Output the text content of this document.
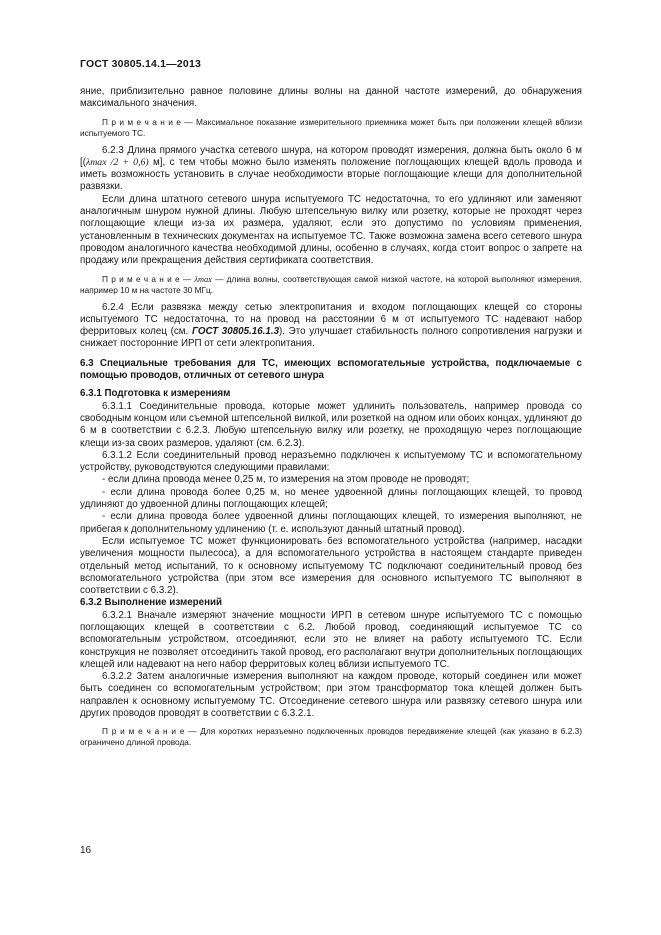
ГОСТ 30805.14.1—2013

яние, приблизительно равное половине длины волны на данной частоте измерений, до обнаружения максимального значения.

П р и м е ч а н и е — Максимальное показание измерительного приемника может быть при положении клещей вблизи испытуемого ТС.

6.2.3 Длина прямого участка сетевого шнура, на котором проводят измерения, должна быть около 6 м [(λmax /2 + 0,6) м], с тем чтобы можно было изменять положение поглощающих клещей вдоль провода и иметь возможность установить в случае необходимости вторые поглощающие клещи для дополнительной развязки.

Если длина штатного сетевого шнура испытуемого ТС недостаточна, то его удлиняют или заменяют аналогичным шнуром нужной длины. Любую штепсельную вилку или розетку, которые не проходят через поглощающие клещи из-за их размера, удаляют, если это допустимо по условиям применения, установленным в технических документах на испытуемое ТС. Также возможна замена всего сетевого шнура проводом аналогичного качества необходимой длины, особенно в случаях, когда стоит вопрос о запрете на продажу или прекращения действия сертификата соответствия.

П р и м е ч а н и е — λmax — длина волны, соответствующая самой низкой частоте, на которой выполняют измерения, например 10 м на частоте 30 МГц.

6.2.4 Если развязка между сетью электропитания и входом поглощающих клещей со стороны испытуемого ТС недостаточна, то на провод на расстоянии 6 м от испытуемого ТС надевают набор ферритовых колец (см. ГОСТ 30805.16.1.3). Это улучшает стабильность полного сопротивления нагрузки и снижает посторонние ИРП от сети электропитания.

6.3 Специальные требования для ТС, имеющих вспомогательные устройства, подключаемые с помощью проводов, отличных от сетевого шнура

6.3.1 Подготовка к измерениям

6.3.1.1 Соединительные провода, которые может удлинить пользователь, например провода со свободным концом или съемной штепсельной вилкой, или розеткой на одном или обоих концах, удлиняют до 6 м в соответствии с 6.2.3. Любую штепсельную вилку или розетку, не проходящую через поглощающие клещи из-за своих размеров, удаляют (см. 6.2.3).

6.3.1.2 Если соединительный провод неразъемно подключен к испытуемому ТС и вспомогательному устройству, руководствуются следующими правилами:

- если длина провода менее 0,25 м, то измерения на этом проводе не проводят;

- если длина провода более 0,25 м, но менее удвоенной длины поглощающих клещей, то провод удлиняют до удвоенной длины поглощающих клещей;

- если длина провода более удвоенной длины поглощающих клещей, то измерения выполняют, не прибегая к дополнительному удлинению (т. е. используют данный штатный провод).

Если испытуемое ТС может функционировать без вспомогательного устройства (например, насадки увеличения мощности пылесоса), а для вспомогательного устройства в настоящем стандарте приведен отдельный метод испытаний, то к основному испытуемому ТС подключают соединительный провод без вспомогательного устройства (при этом все измерения для основного испытуемого ТС выполняют в соответствии с 6.3.2).

6.3.2 Выполнение измерений

6.3.2.1 Вначале измеряют значение мощности ИРП в сетевом шнуре испытуемого ТС с помощью поглощающих клещей в соответствии с 6.2. Любой провод, соединяющий испытуемое ТС со вспомогательным устройством, отсоединяют, если это не влияет на работу испытуемого ТС. Если конструкция не позволяет отсоединить такой провод, его располагают внутри дополнительных поглощающих клещей или надевают на него набор ферритовых колец вблизи испытуемого ТС.

6.3.2.2 Затем аналогичные измерения выполняют на каждом проводе, который соединен или может быть соединен со вспомогательным устройством; при этом трансформатор тока клещей должен быть направлен к основному испытуемому ТС. Отсоединение сетевого шнура или развязку сетевого шнура или других проводов проводят в соответствии с 6.3.2.1.

П р и м е ч а н и е — Для коротких неразъемно подключенных проводов передвижение клещей (как указано в 6.2.3) ограничено длиной провода.

16
